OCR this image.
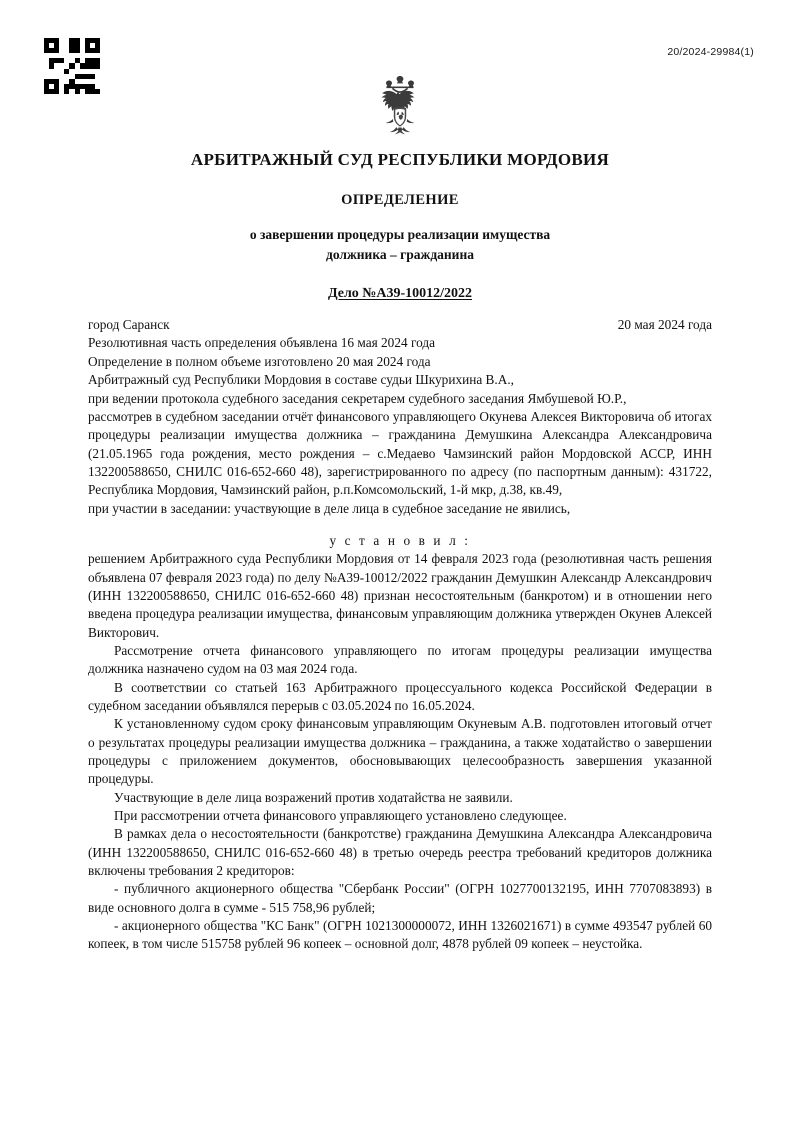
20/2024-29984(1)
АРБИТРАЖНЫЙ СУД РЕСПУБЛИКИ МОРДОВИЯ
ОПРЕДЕЛЕНИЕ
о завершении процедуры реализации имущества
должника – гражданина
Дело №А39-10012/2022
город Саранск	20 мая 2024 года

Резолютивная часть определения объявлена 16 мая 2024 года

Определение в полном объеме изготовлено 20 мая 2024 года

Арбитражный суд Республики Мордовия в составе судьи Шкурихина В.А.,

при ведении протокола судебного заседания секретарем судебного заседания Ямбушевой Ю.Р.,

рассмотрев в судебном заседании отчёт финансового управляющего Окунева Алексея Викторовича об итогах процедуры реализации имущества должника – гражданина Демушкина Александра Александровича (21.05.1965 года рождения, место рождения – с.Медаево Чамзинский район Мордовской АССР, ИНН 132200588650, СНИЛС 016-652-660 48), зарегистрированного по адресу (по паспортным данным): 431722, Республика Мордовия, Чамзинский район, р.п.Комсомольский, 1-й мкр, д.38, кв.49,

при участии в заседании: участвующие в деле лица в судебное заседание не явились,

у с т а н о в и л :

решением Арбитражного суда Республики Мордовия от 14 февраля 2023 года (резолютивная часть решения объявлена 07 февраля 2023 года) по делу №А39-10012/2022 гражданин Демушкин Александр Александрович (ИНН 132200588650, СНИЛС 016-652-660 48) признан несостоятельным (банкротом) и в отношении него введена процедура реализации имущества, финансовым управляющим должника утвержден Окунев Алексей Викторович.

Рассмотрение отчета финансового управляющего по итогам процедуры реализации имущества должника назначено судом на 03 мая 2024 года.

В соответствии со статьей 163 Арбитражного процессуального кодекса Российской Федерации в судебном заседании объявлялся перерыв с 03.05.2024 по 16.05.2024.

К установленному судом сроку финансовым управляющим Окуневым А.В. подготовлен итоговый отчет о результатах процедуры реализации имущества должника – гражданина, а также ходатайство о завершении процедуры с приложением документов, обосновывающих целесообразность завершения указанной процедуры.

Участвующие в деле лица возражений против ходатайства не заявили.

При рассмотрении отчета финансового управляющего установлено следующее.

В рамках дела о несостоятельности (банкротстве) гражданина Демушкина Александра Александровича (ИНН 132200588650, СНИЛС 016-652-660 48) в третью очередь реестра требований кредиторов должника включены требования 2 кредиторов:

- публичного акционерного общества "Сбербанк России" (ОГРН 1027700132195, ИНН 7707083893) в виде основного долга в сумме - 515 758,96 рублей;

- акционерного общества "КС Банк" (ОГРН 1021300000072, ИНН 1326021671) в сумме 493547 рублей 60 копеек, в том числе 515758 рублей 96 копеек – основной долг, 4878 рублей 09 копеек – неустойка.
